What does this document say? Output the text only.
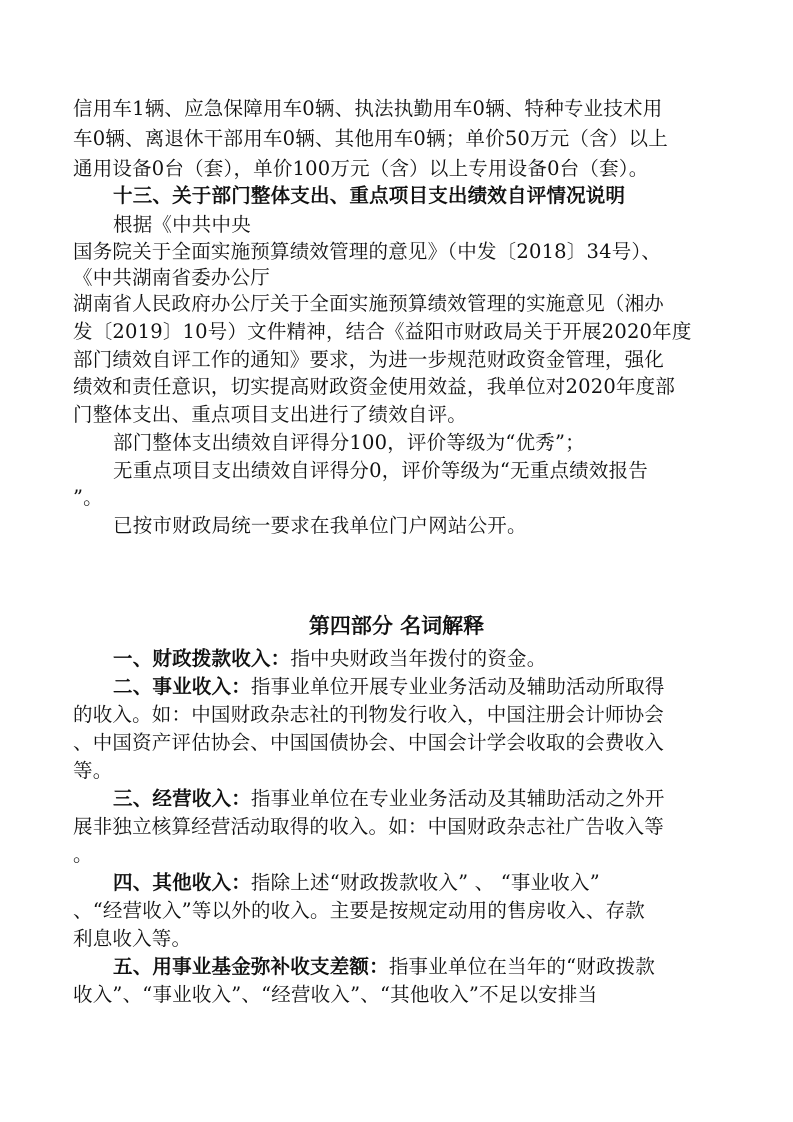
信用车1辆、应急保障用车0辆、执法执勤用车0辆、特种专业技术用
车0辆、离退休干部用车0辆、其他用车0辆；单价50万元（含）以上
通用设备0台（套），单价100万元（含）以上专用设备0台（套）。
十三、关于部门整体支出、重点项目支出绩效自评情况说明
根据《中共中央
国务院关于全面实施预算绩效管理的意见》（中发〔2018〕34号）、
《中共湖南省委办公厅
湖南省人民政府办公厅关于全面实施预算绩效管理的实施意见（湘办
发〔2019〕10号）文件精神，结合《益阳市财政局关于开展2020年度
部门绩效自评工作的通知》要求，为进一步规范财政资金管理，强化
绩效和责任意识，切实提高财政资金使用效益，我单位对2020年度部
门整体支出、重点项目支出进行了绩效自评。
部门整体支出绩效自评得分100，评价等级为“优秀”；
无重点项目支出绩效自评得分0，评价等级为“无重点绩效报告
”。
已按市财政局统一要求在我单位门户网站公开。
第四部分 名词解释
一、财政拨款收入：指中央财政当年拨付的资金。
二、事业收入：指事业单位开展专业业务活动及辅助活动所取得
的收入。如：中国财政杂志社的刊物发行收入，中国注册会计师协会
、中国资产评估协会、中国国债协会、中国会计学会收取的会费收入
等。
三、经营收入：指事业单位在专业业务活动及其辅助活动之外开
展非独立核算经营活动取得的收入。如：中国财政杂志社广告收入等
。
四、其他收入：指除上述“财政拨款收入” 、 “事业收入”
、“经营收入”等以外的收入。主要是按规定动用的售房收入、存款
利息收入等。
五、用事业基金弥补收支差额：指事业单位在当年的“财政拨款
收入”、“事业收入”、“经营收入”、“其他收入”不足以安排当
